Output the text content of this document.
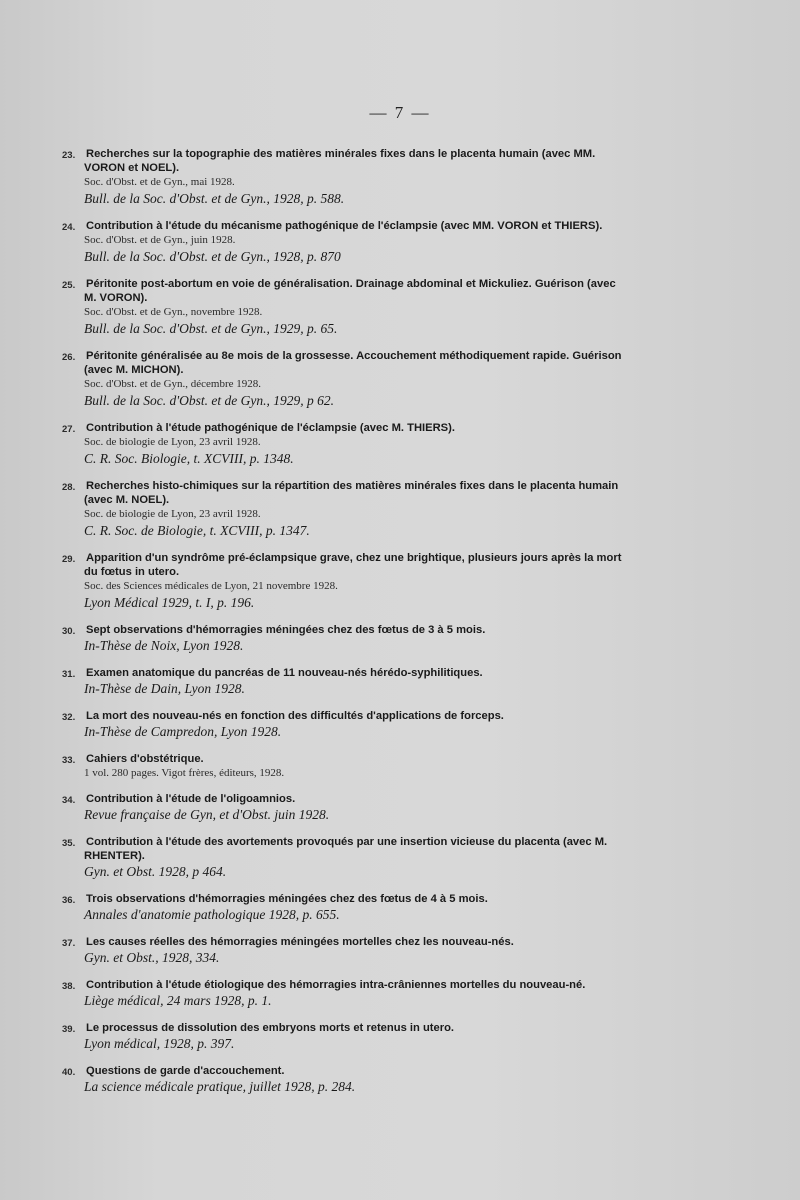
— 7 —
23. Recherches sur la topographie des matières minérales fixes dans le placenta humain (avec MM.
VORON et NOEL).
Soc. d'Obst. et de Gyn., mai 1928.
Bull. de la Soc. d'Obst. et de Gyn., 1928, p. 588.
24. Contribution à l'étude du mécanisme pathogénique de l'éclampsie (avec MM. VORON et THIERS).
Soc. d'Obst. et de Gyn., juin 1928.
Bull. de la Soc. d'Obst. et de Gyn., 1928, p. 870
25. Péritonite post-abortum en voie de généralisation. Drainage abdominal et Mickuliez. Guérison (avec
M. VORON).
Soc. d'Obst. et de Gyn., novembre 1928.
Bull. de la Soc. d'Obst. et de Gyn., 1929, p. 65.
26. Péritonite généralisée au 8e mois de la grossesse. Accouchement méthodiquement rapide. Guérison
(avec M. MICHON).
Soc. d'Obst. et de Gyn., décembre 1928.
Bull. de la Soc. d'Obst. et de Gyn., 1929, p 62.
27. Contribution à l'étude pathogénique de l'éclampsie (avec M. THIERS).
Soc. de biologie de Lyon, 23 avril 1928.
C. R. Soc. Biologie, t. XCVIII, p. 1348.
28. Recherches histo-chimiques sur la répartition des matières minérales fixes dans le placenta humain
(avec M. NOEL).
Soc. de biologie de Lyon, 23 avril 1928.
C. R. Soc. de Biologie, t. XCVIII, p. 1347.
29. Apparition d'un syndrôme pré-éclampsique grave, chez une brightique, plusieurs jours après la mort
du fœtus in utero.
Soc. des Sciences médicales de Lyon, 21 novembre 1928.
Lyon Médical 1929, t. I, p. 196.
30. Sept observations d'hémorragies méningées chez des fœtus de 3 à 5 mois.
In-Thèse de Noix, Lyon 1928.
31. Examen anatomique du pancréas de 11 nouveau-nés hérédo-syphilitiques.
In-Thèse de Dain, Lyon 1928.
32. La mort des nouveau-nés en fonction des difficultés d'applications de forceps.
In-Thèse de Campredon, Lyon 1928.
33. Cahiers d'obstétrique.
1 vol. 280 pages. Vigot frères, éditeurs, 1928.
34. Contribution à l'étude de l'oligoamnios.
Revue française de Gyn, et d'Obst. juin 1928.
35. Contribution à l'étude des avortements provoqués par une insertion vicieuse du placenta (avec M.
RHENTER).
Gyn. et Obst. 1928, p 464.
36. Trois observations d'hémorragies méningées chez des fœtus de 4 à 5 mois.
Annales d'anatomie pathologique 1928, p. 655.
37. Les causes réelles des hémorragies méningées mortelles chez les nouveau-nés.
Gyn. et Obst., 1928, 334.
38. Contribution à l'étude étiologique des hémorragies intra-crâniennes mortelles du nouveau-né.
Liège médical, 24 mars 1928, p. 1.
39. Le processus de dissolution des embryons morts et retenus in utero.
Lyon médical, 1928, p. 397.
40. Questions de garde d'accouchement.
La science médicale pratique, juillet 1928, p. 284.
